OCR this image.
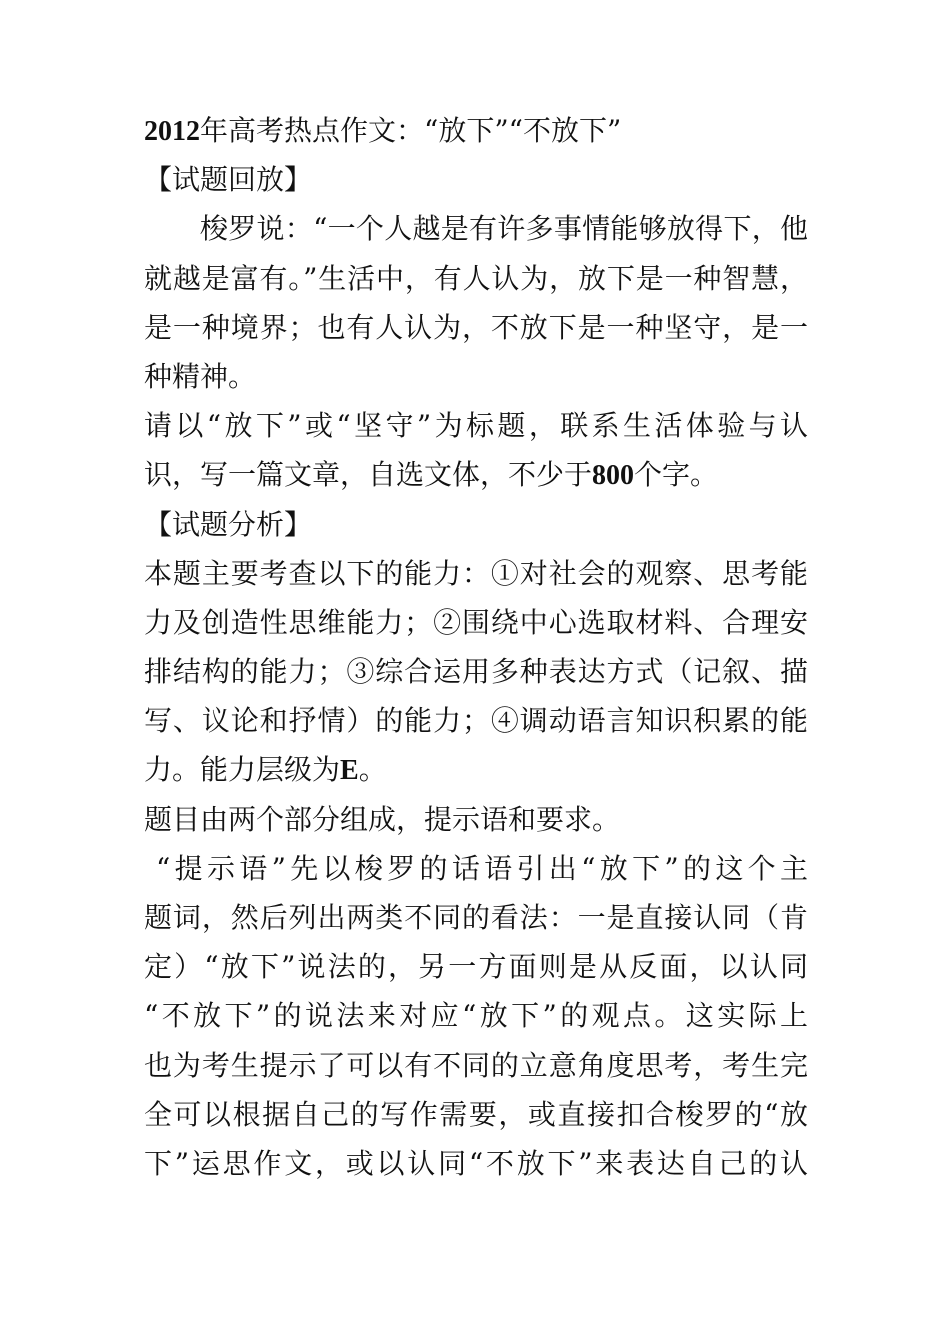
2012年高考热点作文：“放下”“不放下”
【试题回放】
梭罗说：“一个人越是有许多事情能够放得下，他
就越是富有。”生活中，有人认为，放下是一种智慧，
是一种境界；也有人认为，不放下是一种坚守，是一
种精神。
请以“放下”或“坚守”为标题，联系生活体验与认
识，写一篇文章，自选文体，不少于800个字。
【试题分析】
本题主要考查以下的能力：①对社会的观察、思考能
力及创造性思维能力；②围绕中心选取材料、合理安
排结构的能力；③综合运用多种表达方式（记叙、描
写、议论和抒情）的能力；④调动语言知识积累的能
力。能力层级为E。
题目由两个部分组成，提示语和要求。
“提示语”先以梭罗的话语引出“放下”的这个主
题词，然后列出两类不同的看法：一是直接认同（肯
定）“放下”说法的，另一方面则是从反面，以认同
“不放下”的说法来对应“放下”的观点。这实际上
也为考生提示了可以有不同的立意角度思考，考生完
全可以根据自己的写作需要，或直接扣合梭罗的“放
下”运思作文，或以认同“不放下”来表达自己的认
